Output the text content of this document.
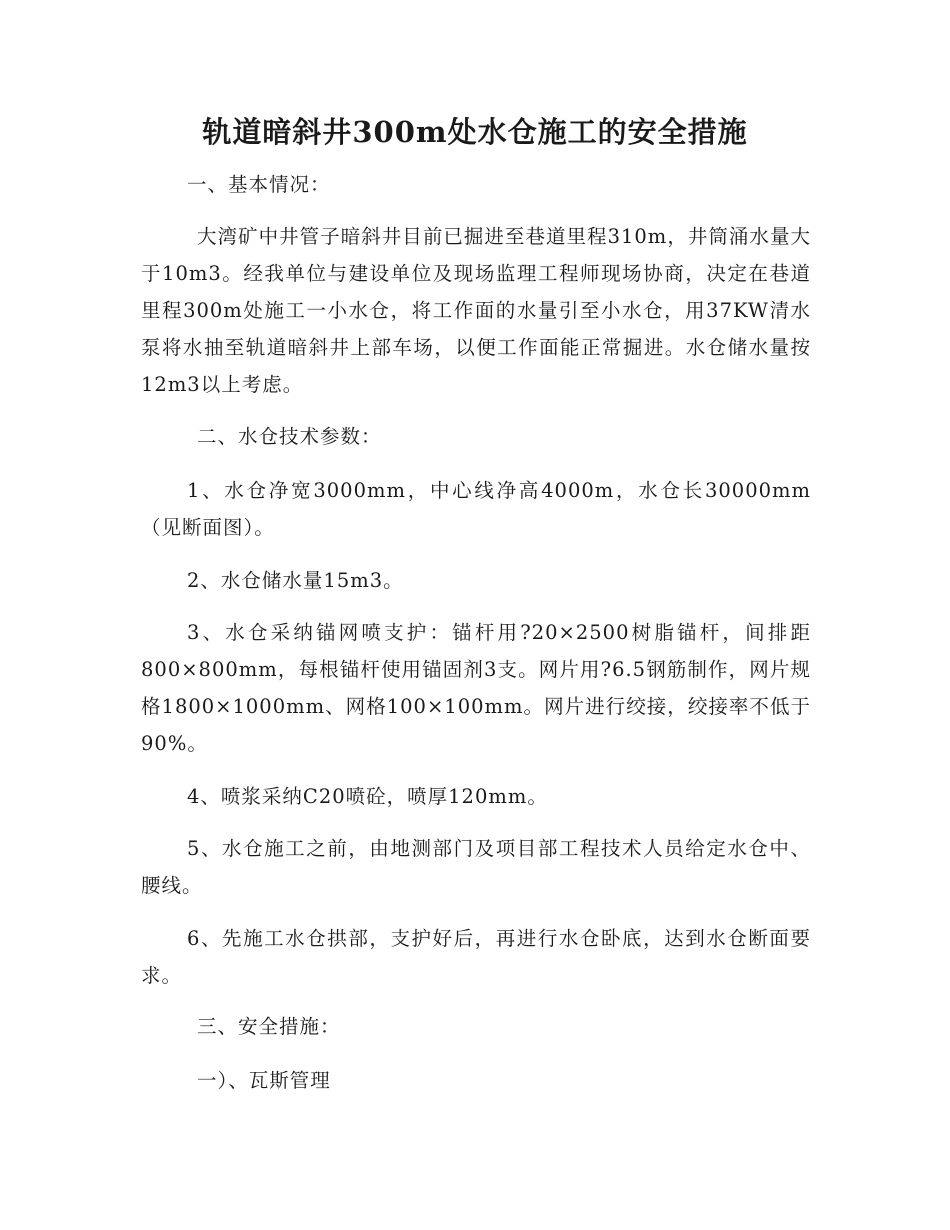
轨道暗斜井300m处水仓施工的安全措施

一、基本情况：

大湾矿中井管子暗斜井目前已掘进至巷道里程310m，井筒涌水量大于10m3。经我单位与建设单位及现场监理工程师现场协商，决定在巷道里程300m处施工一小水仓，将工作面的水量引至小水仓，用37KW清水泵将水抽至轨道暗斜井上部车场，以便工作面能正常掘进。水仓储水量按12m3以上考虑。

二、水仓技术参数：

1、水仓净宽3000mm，中心线净高4000m，水仓长30000mm（见断面图）。

2、水仓储水量15m3。

3、水仓采纳锚网喷支护：锚杆用?20×2500树脂锚杆，间排距800×800mm，每根锚杆使用锚固剂3支。网片用?6.5钢筋制作，网片规格1800×1000mm、网格100×100mm。网片进行绞接，绞接率不低于90%。

4、喷浆采纳C20喷砼，喷厚120mm。

5、水仓施工之前，由地测部门及项目部工程技术人员给定水仓中、腰线。

6、先施工水仓拱部，支护好后，再进行水仓卧底，达到水仓断面要求。

三、安全措施：

一）、瓦斯管理
